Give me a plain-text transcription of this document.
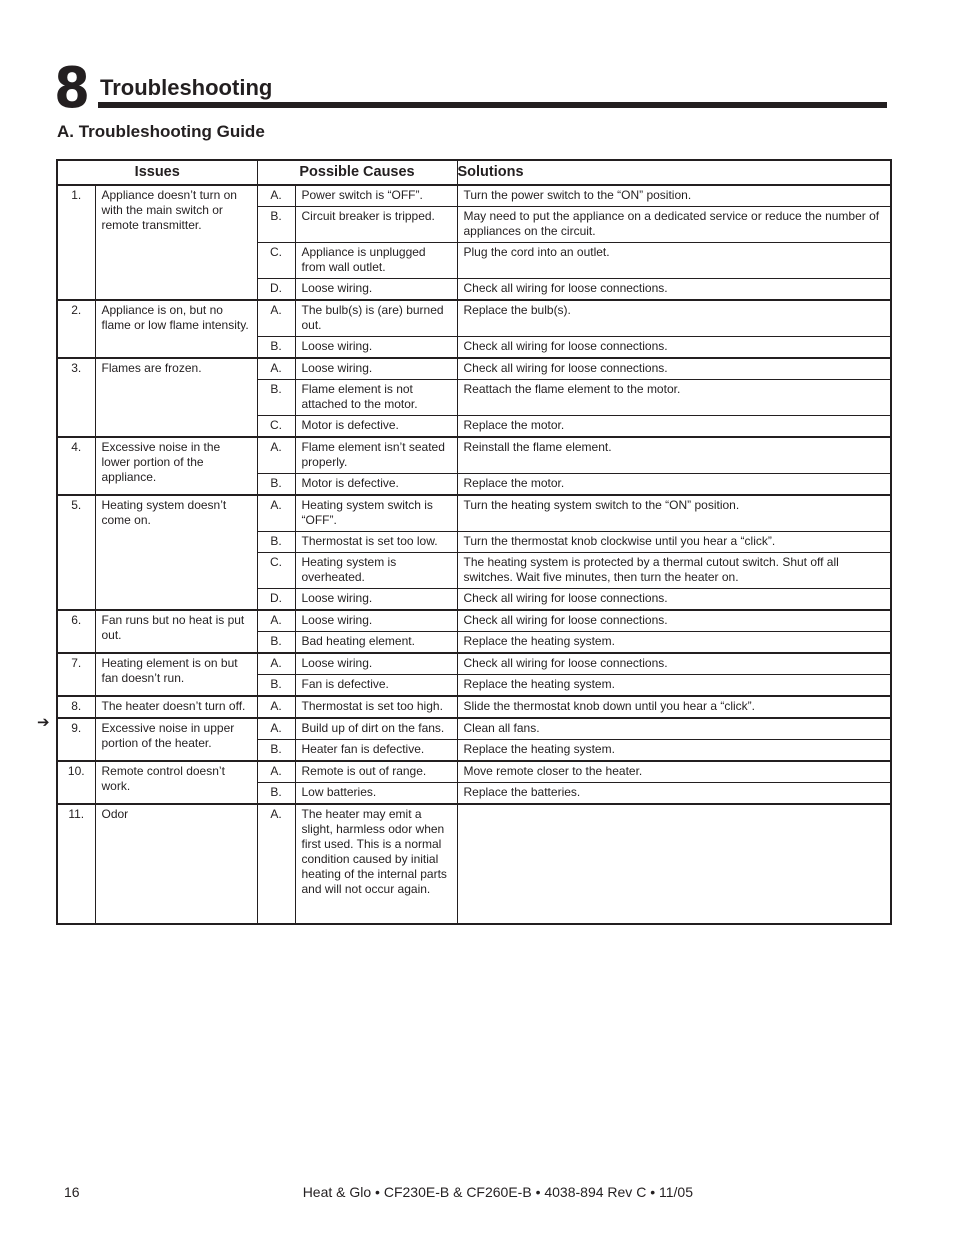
8 Troubleshooting
A. Troubleshooting Guide
➔
Issues		Possible Causes		Solutions
1.	Appliance doesn’t turn on with the main switch or remote transmitter.	A.	Power switch is “OFF”.	Turn the power switch to the “ON” position.
		B.	Circuit breaker is tripped.	May need to put the appliance on a dedicated service or reduce the number of appliances on the circuit.
		C.	Appliance is unplugged from wall outlet.	Plug the cord into an outlet.
		D.	Loose wiring.	Check all wiring for loose connections.
2.	Appliance is on, but no flame or low flame intensity.	A.	The bulb(s) is (are) burned out.	Replace the bulb(s).
		B.	Loose wiring.	Check all wiring for loose connections.
3.	Flames are frozen.	A.	Loose wiring.	Check all wiring for loose connections.
		B.	Flame element is not attached to the motor.	Reattach the flame element to the motor.
		C.	Motor is defective.	Replace the motor.
4.	Excessive noise in the lower portion of the appliance.	A.	Flame element isn’t seated properly.	Reinstall the flame element.
		B.	Motor is defective.	Replace the motor.
5.	Heating system doesn’t come on.	A.	Heating system switch is “OFF”.	Turn the heating system switch to the “ON” position.
		B.	Thermostat is set too low.	Turn the thermostat knob clockwise until you hear a “click”.
		C.	Heating system is overheated.	The heating system is protected by a thermal cutout switch. Shut off all switches. Wait five minutes, then turn the heater on.
		D.	Loose wiring.	Check all wiring for loose connections.
6.	Fan runs but no heat is put out.	A.	Loose wiring.	Check all wiring for loose connections.
		B.	Bad heating element.	Replace the heating system.
7.	Heating element is on but fan doesn’t run.	A.	Loose wiring.	Check all wiring for loose connections.
		B.	Fan is defective.	Replace the heating system.
8.	The heater doesn’t turn off.	A.	Thermostat is set too high.	Slide the thermostat knob down until you hear a “click”.
9.	Excessive noise in upper portion of the heater.	A.	Build up of dirt on the fans.	Clean all fans.
		B.	Heater fan is defective.	Replace the heating system.
10.	Remote control doesn’t work.	A.	Remote is out of range.	Move remote closer to the heater.
		B.	Low batteries.	Replace the batteries.
11.	Odor	A.	The heater may emit a slight, harmless odor when first used. This is a normal condition caused by initial heating of the internal parts and will not occur again.	
16	Heat & Glo • CF230E-B & CF260E-B • 4038-894 Rev C • 11/05
